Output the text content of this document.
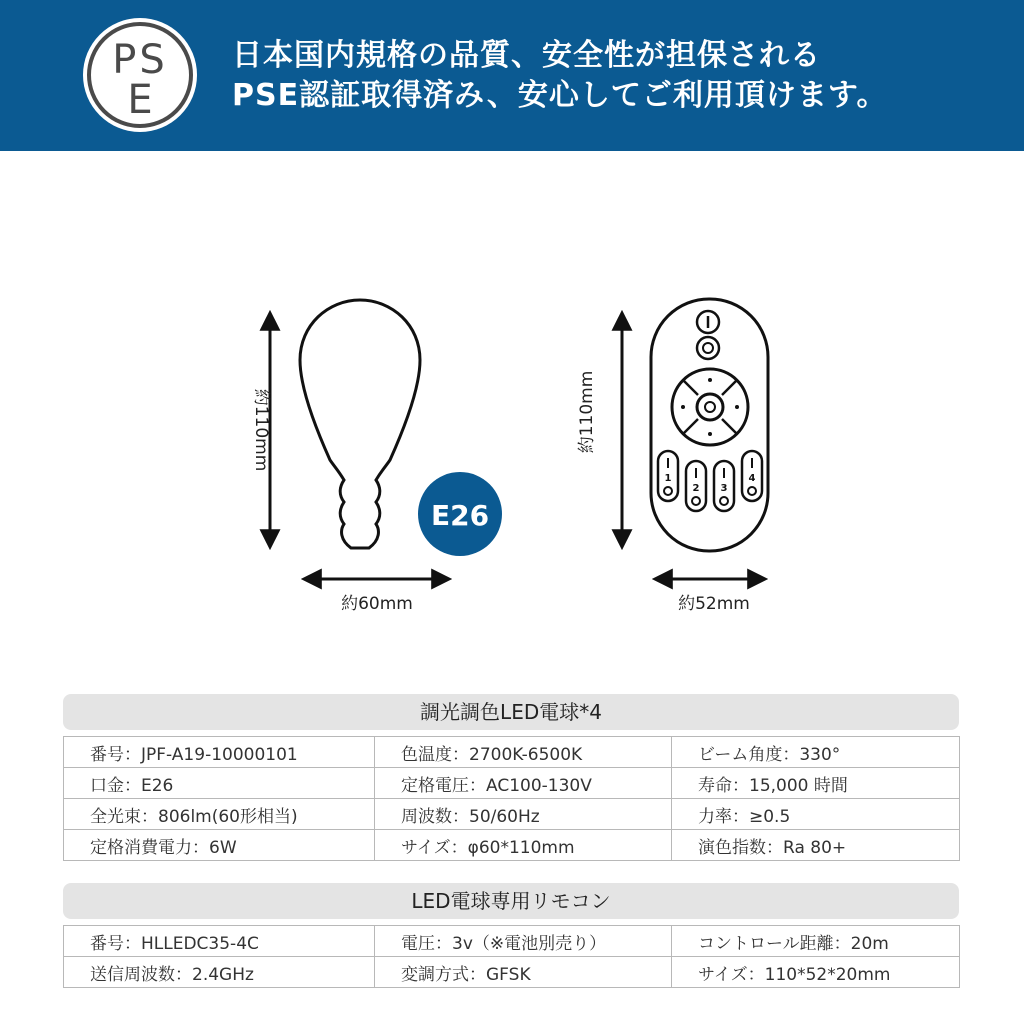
PS
E
日本国内規格の品質、安全性が担保される
PSE認証取得済み、安心してご利用頂けます。
約110mm
約60mm
E26
約110mm
1
2 3
4
約52mm
調光調色LED電球*4
番号：JPF-A19-10000101	色温度：2700K-6500K	ビーム角度：330°
口金：E26	定格電圧：AC100-130V	寿命：15,000 時間
全光束：806lm(60形相当)	周波数：50/60Hz	力率：≥0.5
定格消費電力：6W	サイズ：φ60*110mm	演色指数：Ra 80+
LED電球専用リモコン
番号：HLLEDC35-4C	電圧：3v（※電池別売り）	コントロール距離：20m
送信周波数：2.4GHz	変調方式：GFSK	サイズ：110*52*20mm
